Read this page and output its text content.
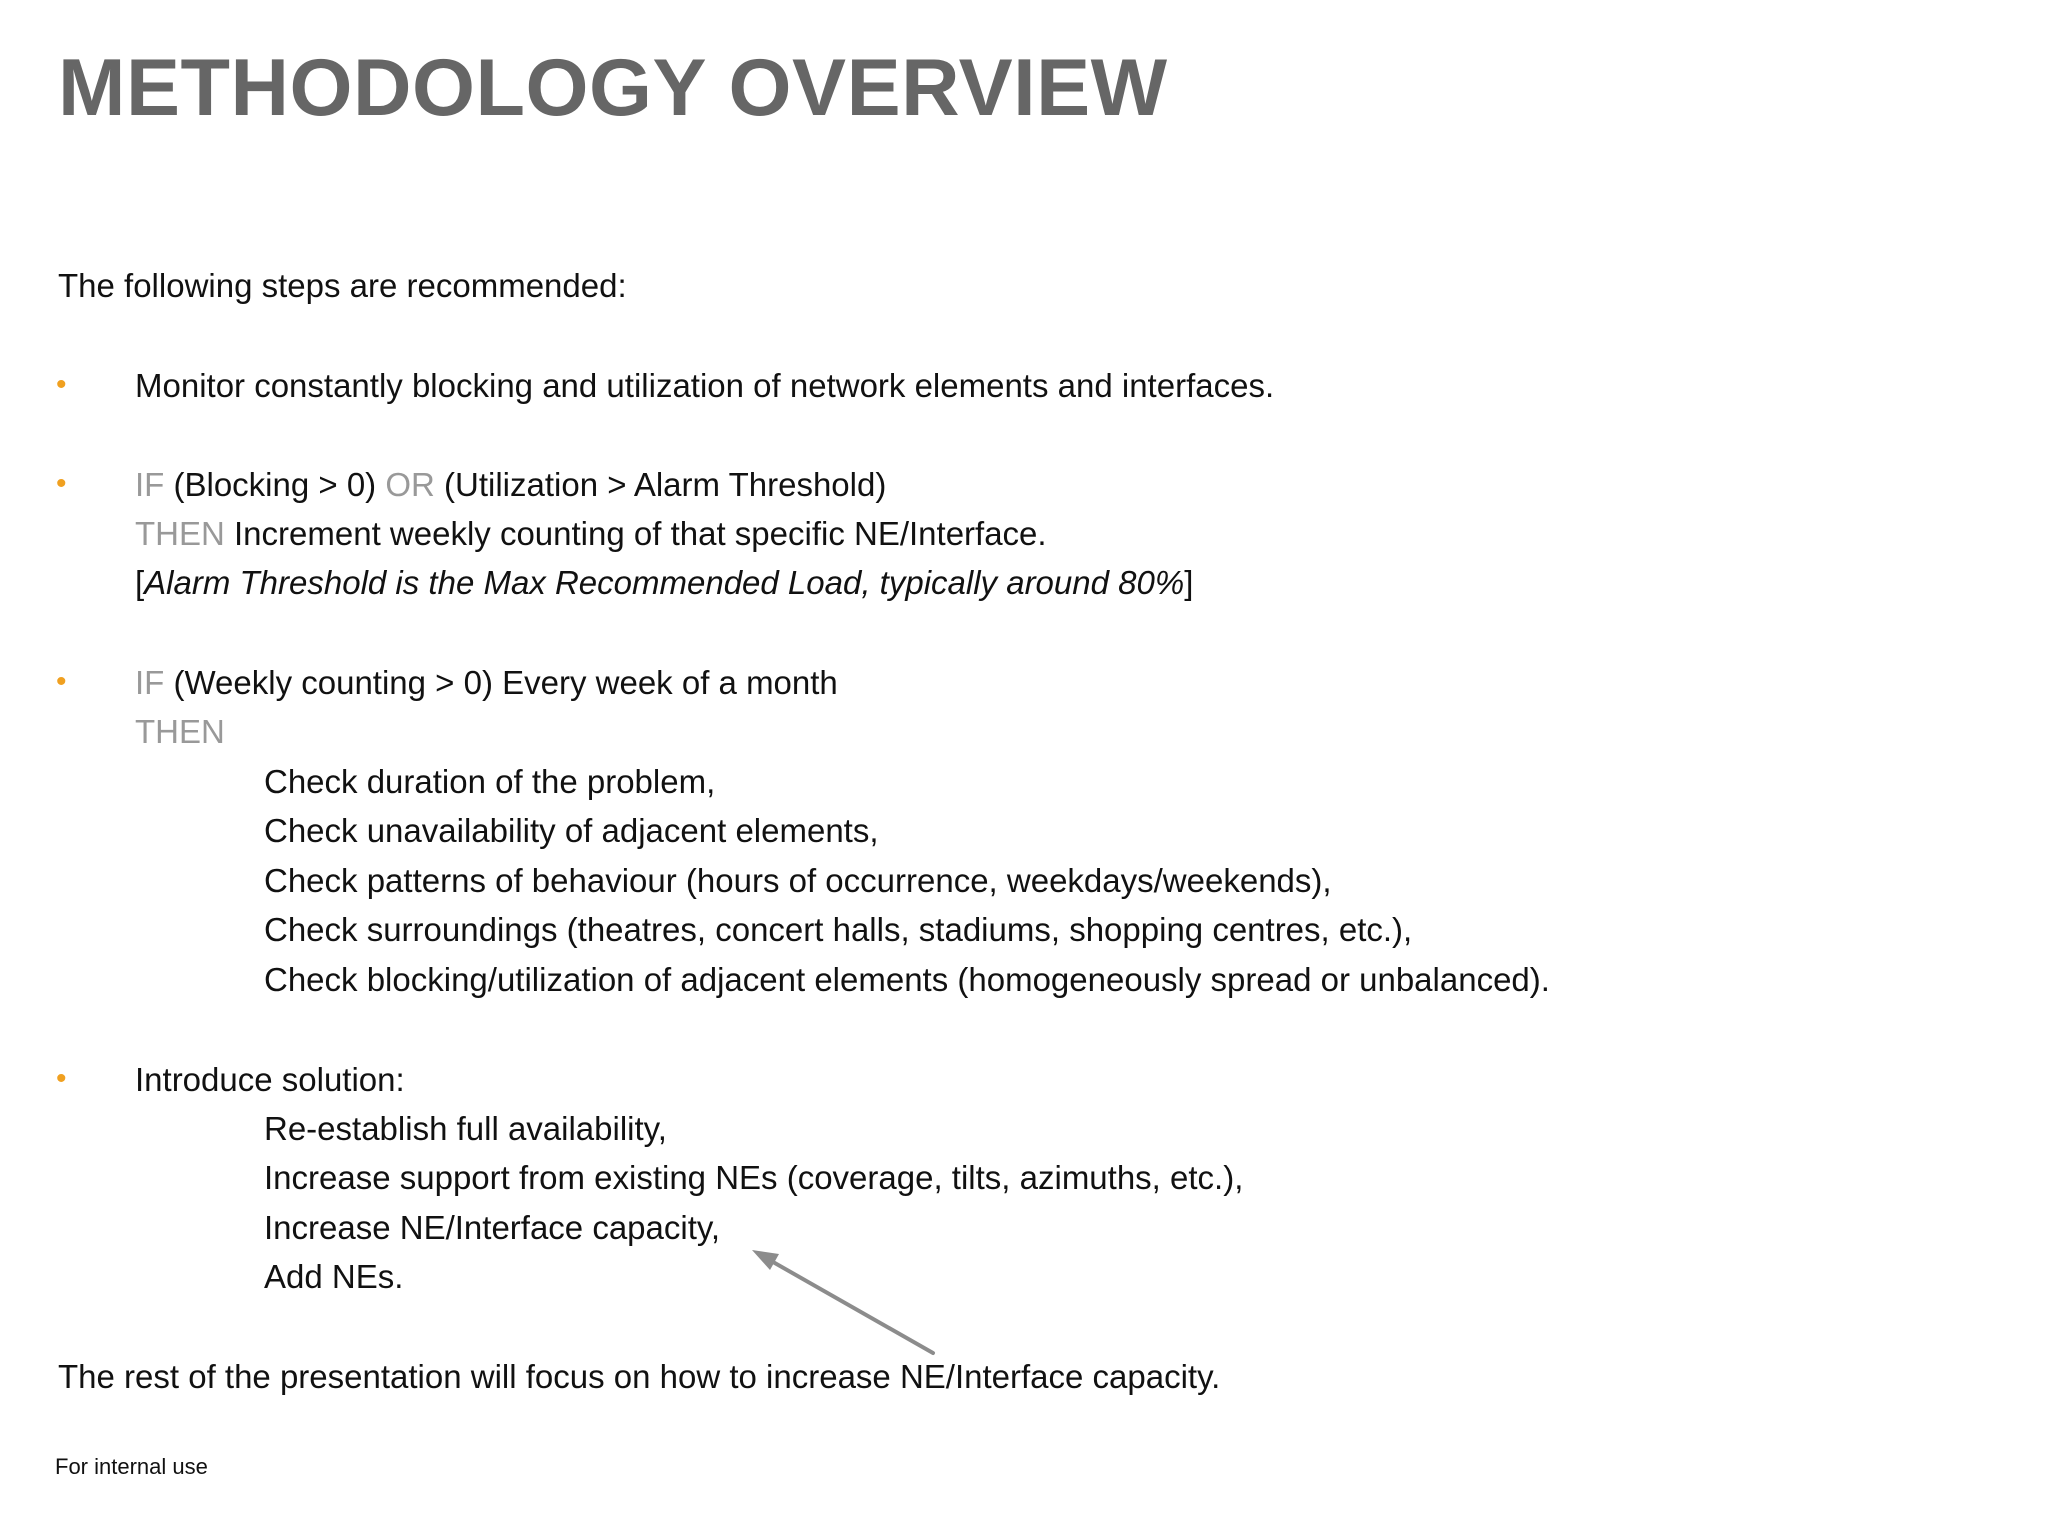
METHODOLOGY OVERVIEW

The following steps are recommended:

• Monitor constantly blocking and utilization of network elements and interfaces.

• IF (Blocking > 0) OR (Utilization > Alarm Threshold)

THEN Increment weekly counting of that specific NE/Interface.

[Alarm Threshold is the Max Recommended Load, typically around 80%]

• IF (Weekly counting > 0) Every week of a month

THEN

Check duration of the problem,

Check unavailability of adjacent elements,

Check patterns of behaviour (hours of occurrence, weekdays/weekends),

Check surroundings (theatres, concert halls, stadiums, shopping centres, etc.),

Check blocking/utilization of adjacent elements (homogeneously spread or unbalanced).

• Introduce solution:

Re-establish full availability,

Increase support from existing NEs (coverage, tilts, azimuths, etc.),

Increase NE/Interface capacity,

Add NEs.

The rest of the presentation will focus on how to increase NE/Interface capacity.

For internal use
